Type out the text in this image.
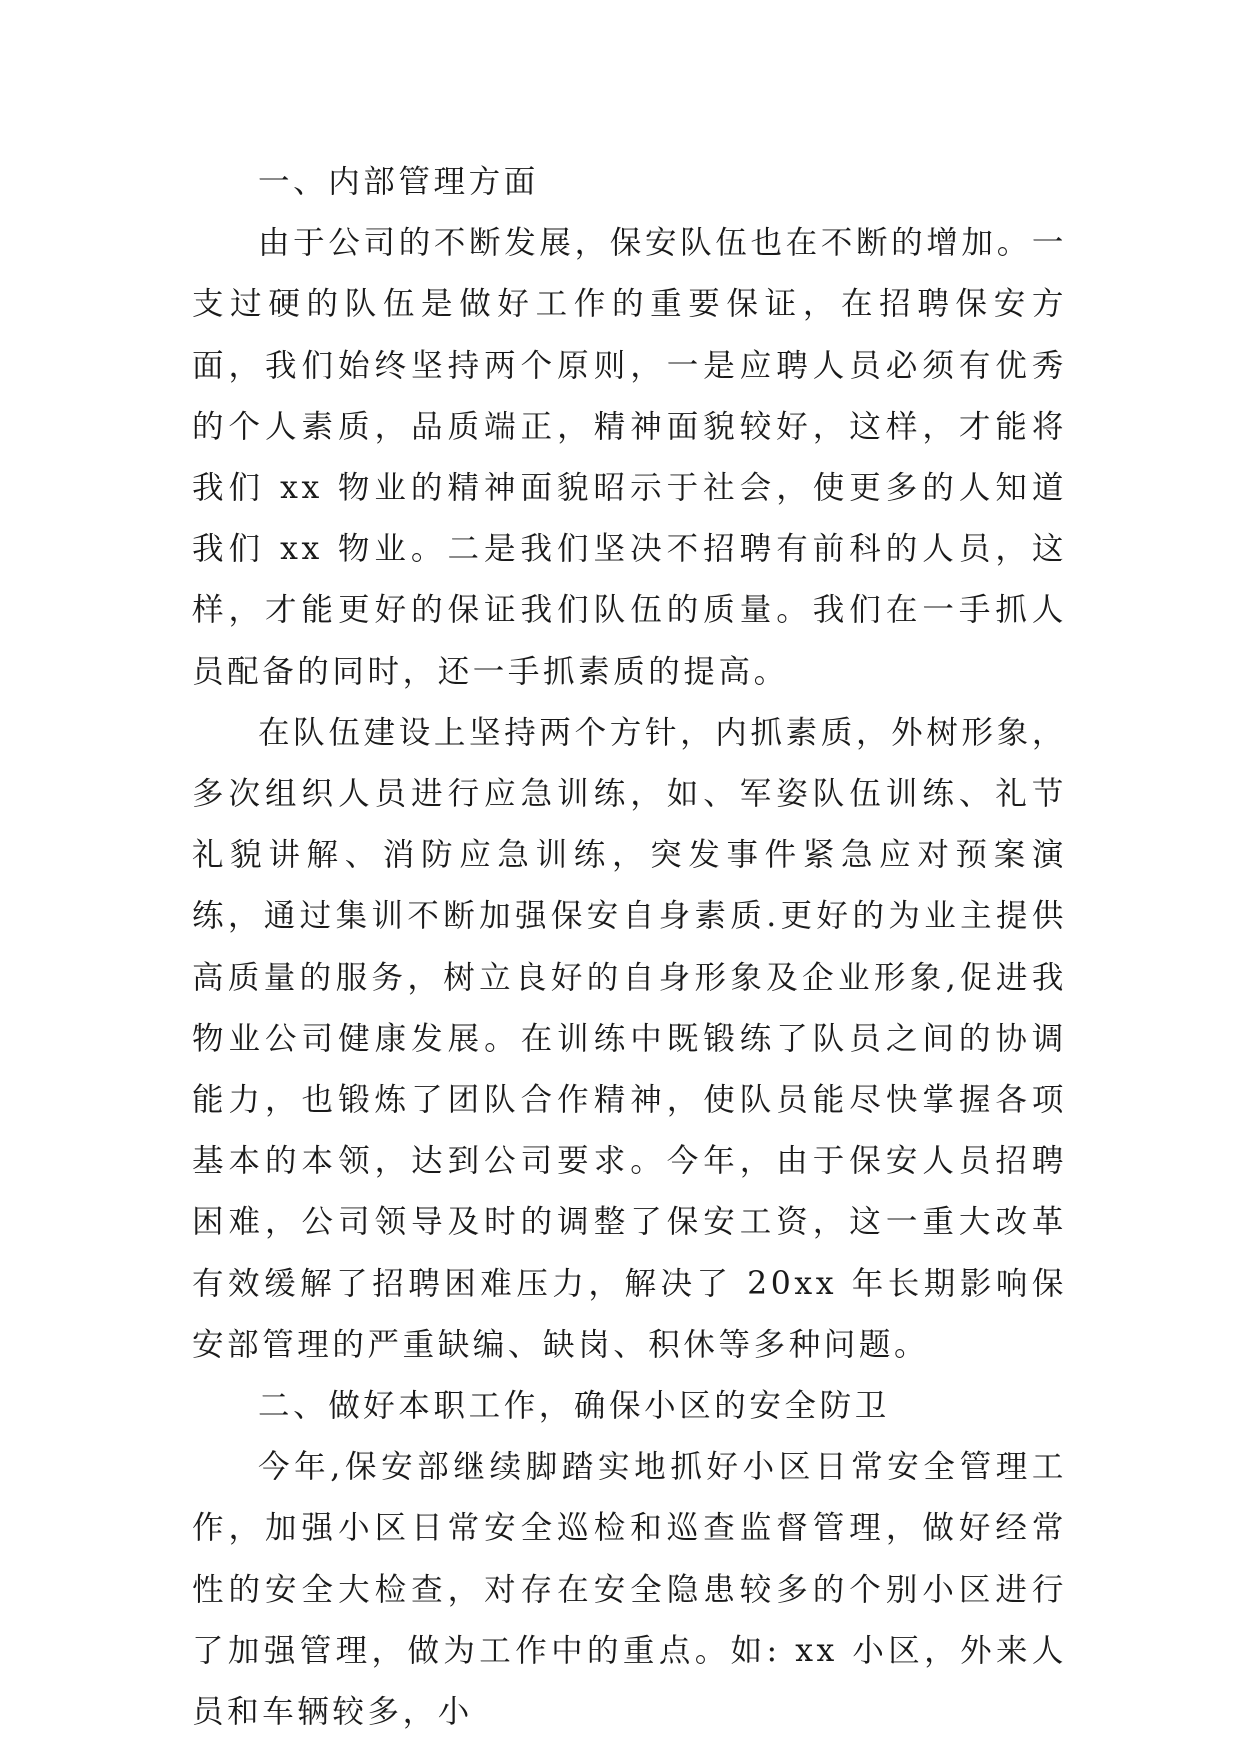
一、内部管理方面

由于公司的不断发展，保安队伍也在不断的增加。一支过硬的队伍是做好工作的重要保证，在招聘保安方面，我们始终坚持两个原则，一是应聘人员必须有优秀的个人素质，品质端正，精神面貌较好，这样，才能将我们 xx 物业的精神面貌昭示于社会，使更多的人知道我们 xx 物业。二是我们坚决不招聘有前科的人员，这样，才能更好的保证我们队伍的质量。我们在一手抓人员配备的同时，还一手抓素质的提高。

在队伍建设上坚持两个方针，内抓素质，外树形象，多次组织人员进行应急训练，如、军姿队伍训练、礼节礼貌讲解、消防应急训练，突发事件紧急应对预案演练，通过集训不断加强保安自身素质.更好的为业主提供高质量的服务，树立良好的自身形象及企业形象,促进我物业公司健康发展。在训练中既锻练了队员之间的协调能力，也锻炼了团队合作精神，使队员能尽快掌握各项基本的本领，达到公司要求。今年，由于保安人员招聘困难，公司领导及时的调整了保安工资，这一重大改革有效缓解了招聘困难压力，解决了 20xx 年长期影响保安部管理的严重缺编、缺岗、积休等多种问题。

二、做好本职工作，确保小区的安全防卫

今年,保安部继续脚踏实地抓好小区日常安全管理工作，加强小区日常安全巡检和巡查监督管理，做好经常性的安全大检查，对存在安全隐患较多的个别小区进行了加强管理，做为工作中的重点。如: xx 小区，外来人员和车辆较多，小
